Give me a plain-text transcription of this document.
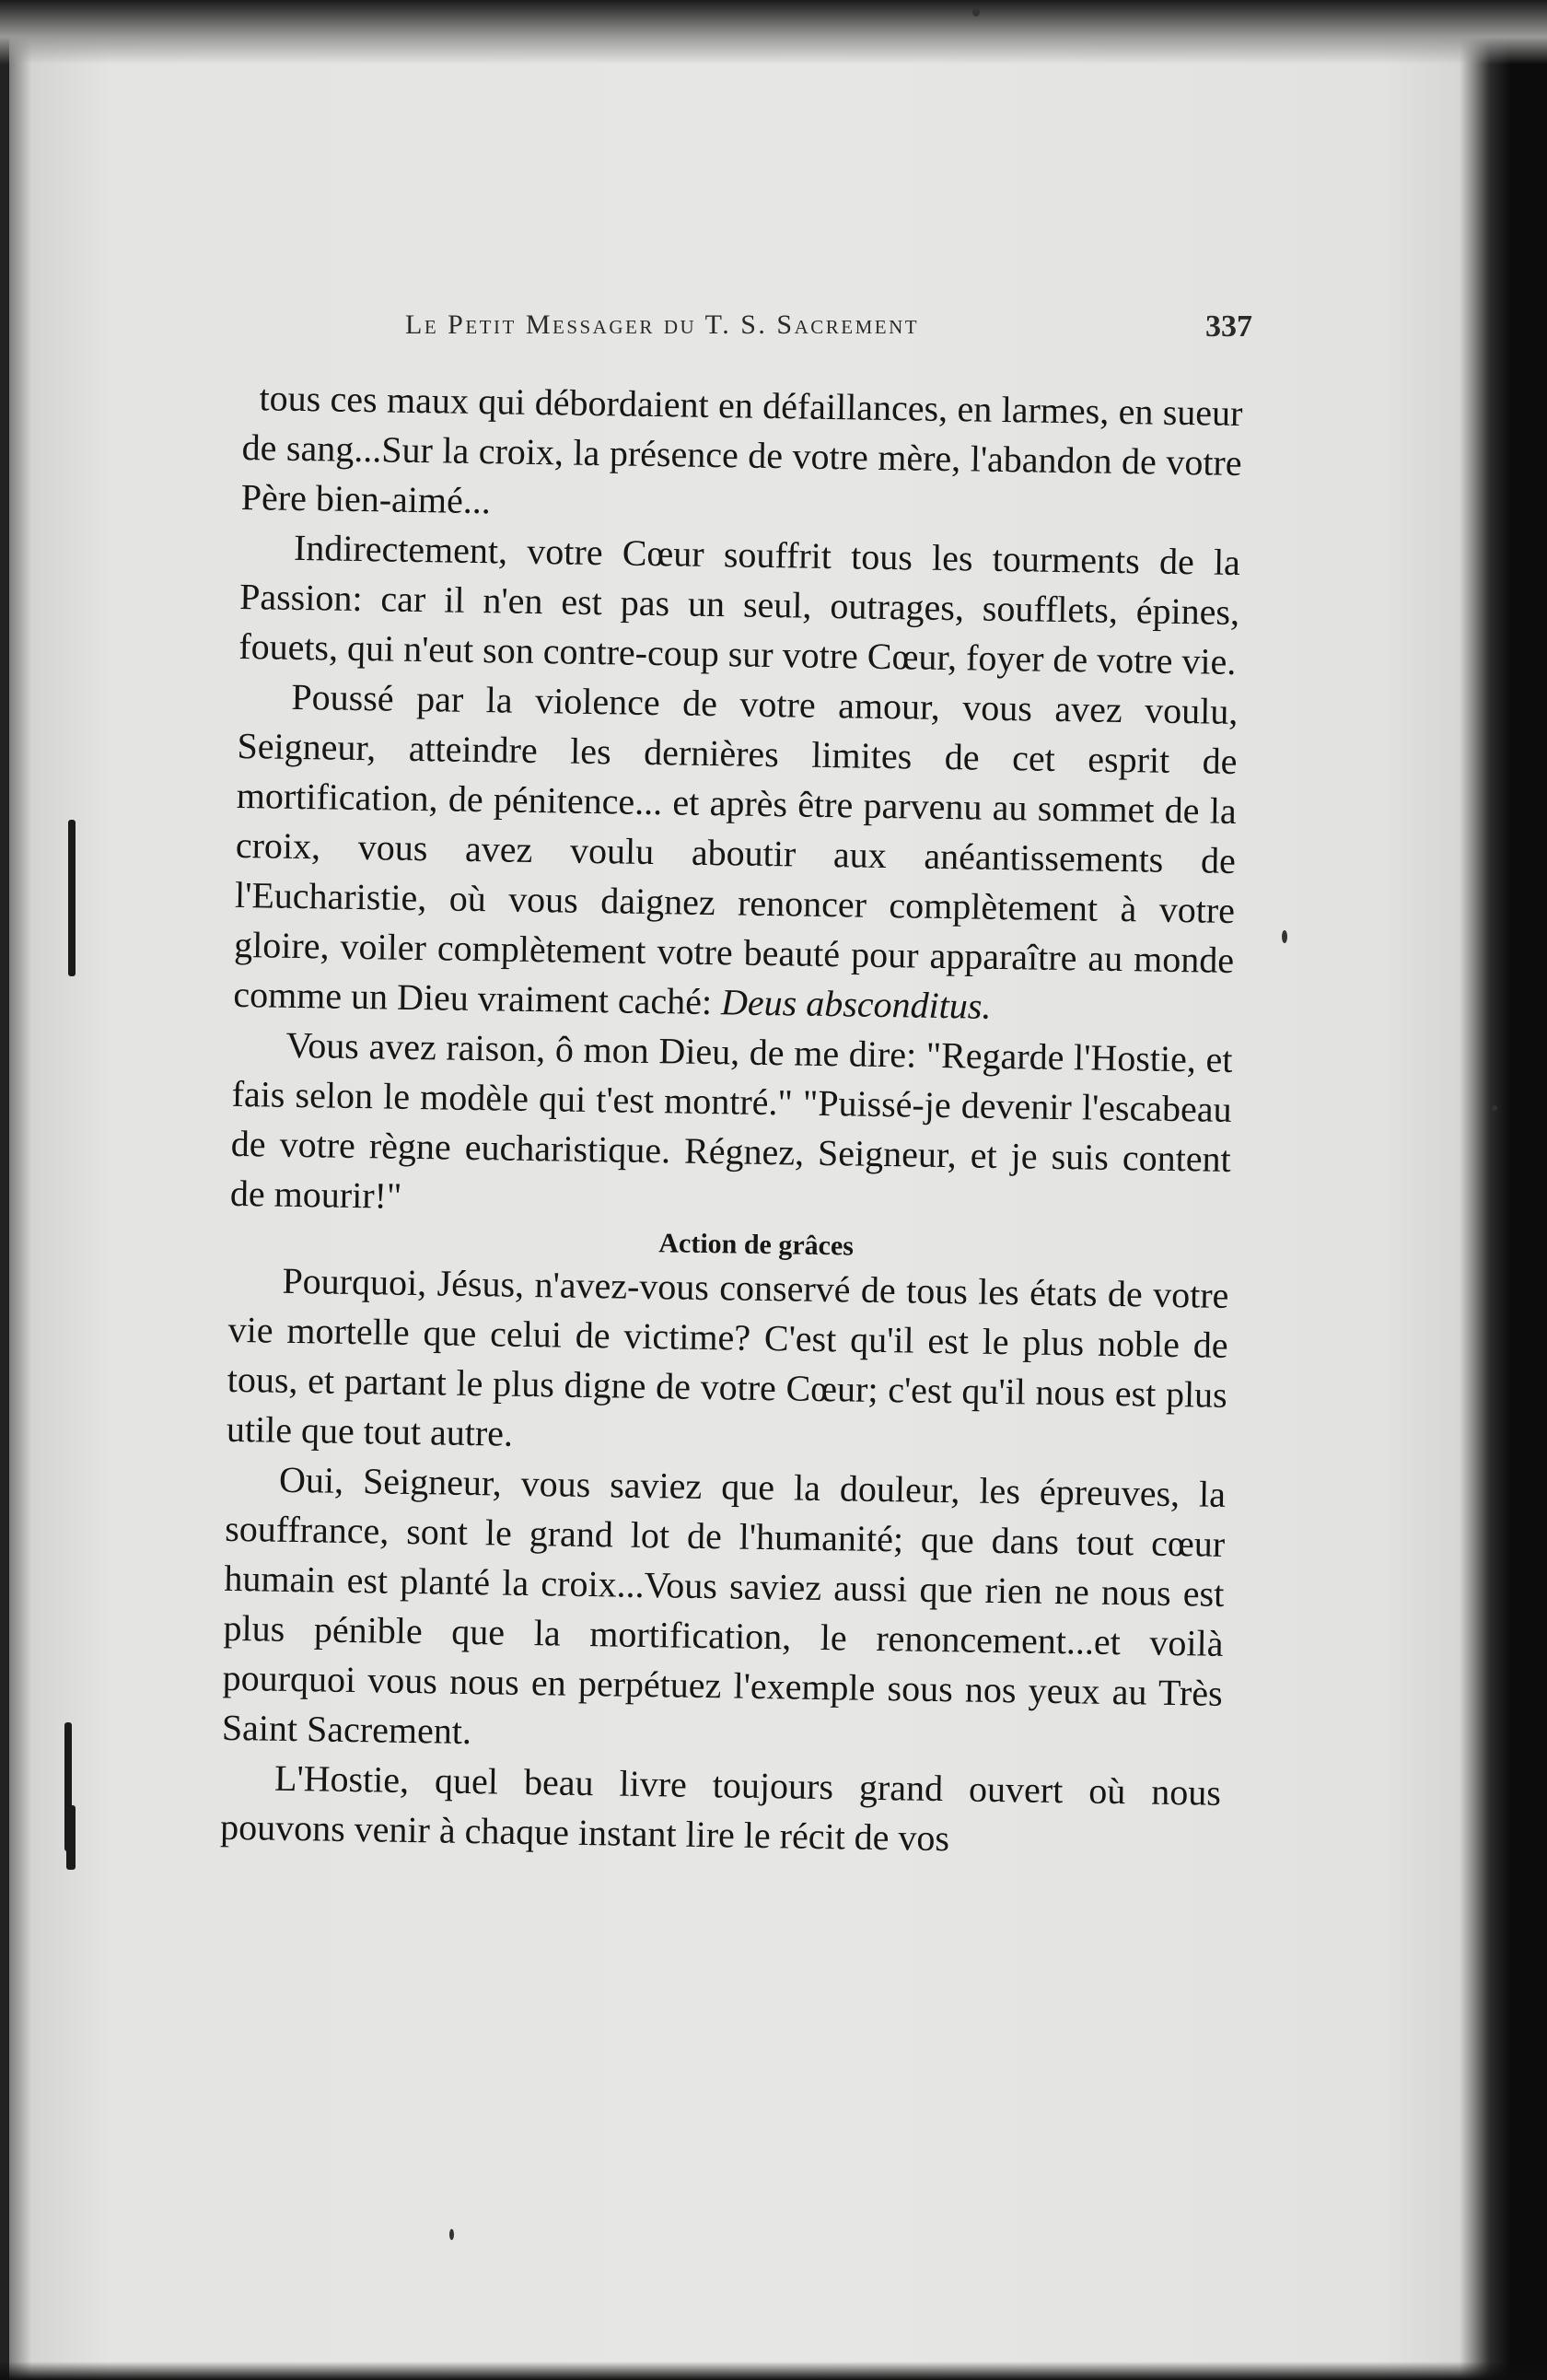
Le Petit Messager du T. S. Sacrement	337

tous ces maux qui débordaient en défaillances, en larmes, en sueur de sang...Sur la croix, la présence de votre mère, l'abandon de votre Père bien-aimé...

Indirectement, votre Cœur souffrit tous les tourments de la Passion: car il n'en est pas un seul, outrages, soufflets, épines, fouets, qui n'eut son contre-coup sur votre Cœur, foyer de votre vie.

Poussé par la violence de votre amour, vous avez voulu, Seigneur, atteindre les dernières limites de cet esprit de mortification, de pénitence... et après être parvenu au sommet de la croix, vous avez voulu aboutir aux anéantissements de l'Eucharistie, où vous daignez renoncer complètement à votre gloire, voiler complètement votre beauté pour apparaître au monde comme un Dieu vraiment caché: Deus absconditus.

Vous avez raison, ô mon Dieu, de me dire: "Regarde l'Hostie, et fais selon le modèle qui t'est montré." "Puissé-je devenir l'escabeau de votre règne eucharistique. Régnez, Seigneur, et je suis content de mourir!"

Action de grâces

Pourquoi, Jésus, n'avez-vous conservé de tous les états de votre vie mortelle que celui de victime? C'est qu'il est le plus noble de tous, et partant le plus digne de votre Cœur; c'est qu'il nous est plus utile que tout autre.

Oui, Seigneur, vous saviez que la douleur, les épreuves, la souffrance, sont le grand lot de l'humanité; que dans tout cœur humain est planté la croix...Vous saviez aussi que rien ne nous est plus pénible que la mortification, le renoncement...et voilà pourquoi vous nous en perpétuez l'exemple sous nos yeux au Très Saint Sacrement.

L'Hostie, quel beau livre toujours grand ouvert où nous pouvons venir à chaque instant lire le récit de vos
